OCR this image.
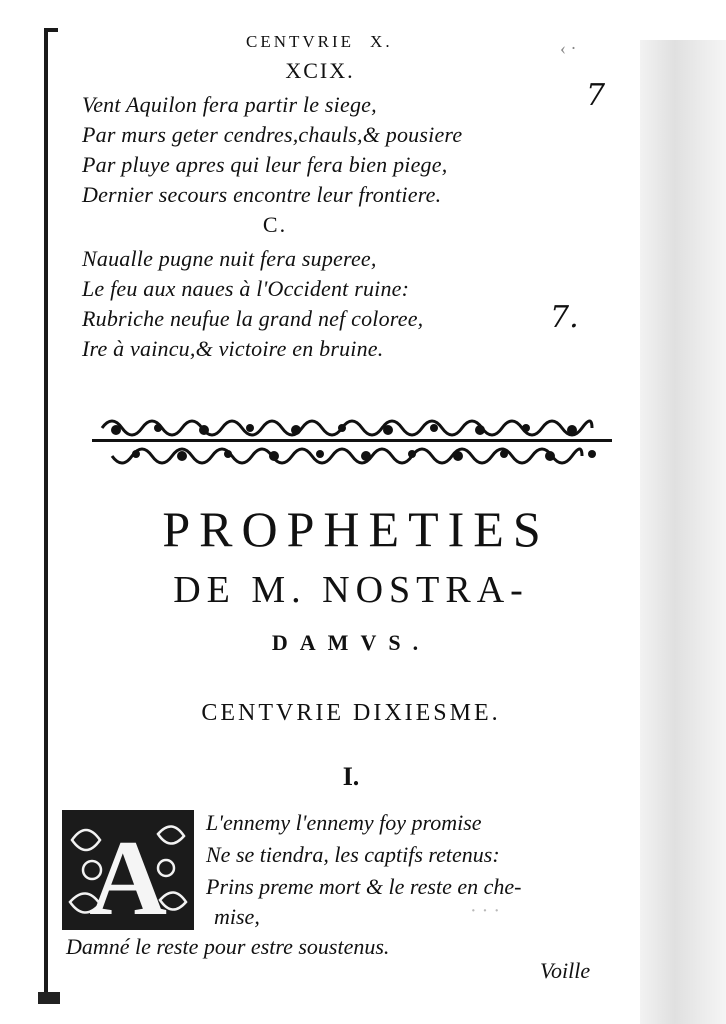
CENTVRIE X.	‹ ·
XCIX.
Vent Aquilon fera partir le siege,
Par murs geter cendres,chauls,& pousiere
Par pluye apres qui leur fera bien piege,
Dernier secours encontre leur frontiere.
7
C.
Naualle pugne nuit fera superee,
Le feu aux naues à l'Occident ruine:
Rubriche neufue la grand nef coloree,
Ire à vaincu,& victoire en bruine.
7.
PROPHETIES
DE M. NOSTRA-
DAMVS.
CENTVRIE DIXIESME.
I.
A L'ennemy l'ennemy foy promise
Ne se tiendra, les captifs retenus:
Prins preme mort & le reste en che-
mise,
Damné le reste pour estre soustenus.
· · ·
Voille
